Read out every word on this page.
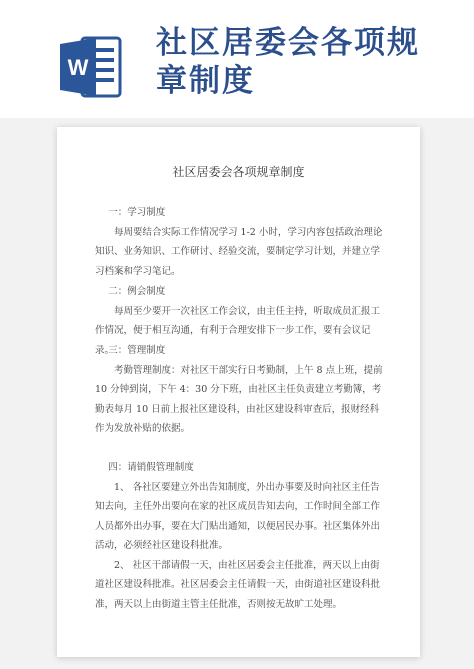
W
社区居委会各项规
章制度
社区居委会各项规章制度

一：学习制度

每周要结合实际工作情况学习 1-2 小时，学习内容包括政治理论知识、业务知识、工作研讨、经验交流，要制定学习计划，并建立学习档案和学习笔记。

二：例会制度

每周至少要开一次社区工作会议，由主任主持，听取成员汇报工作情况，便于相互沟通，有利于合理安排下一步工作，要有会议记录。

三：管理制度

考勤管理制度：对社区干部实行日考勤制，上午 8 点上班，提前 10 分钟到岗，下午 4：30 分下班，由社区主任负责建立考勤簿，考勤表每月 10 日前上报社区建设科，由社区建设科审查后，报财经科作为发放补贴的依据。

四：请销假管理制度

1、 各社区要建立外出告知制度，外出办事要及时向社区主任告知去向，主任外出要向在家的社区成员告知去向，工作时间全部工作人员都外出办事，要在大门贴出通知，以便居民办事。社区集体外出活动，必须经社区建设科批准。

2、 社区干部请假一天，由社区居委会主任批准，两天以上由街道社区建设科批准。社区居委会主任请假一天，由街道社区建设科批准，两天以上由街道主管主任批准，否则按无故旷工处理。
